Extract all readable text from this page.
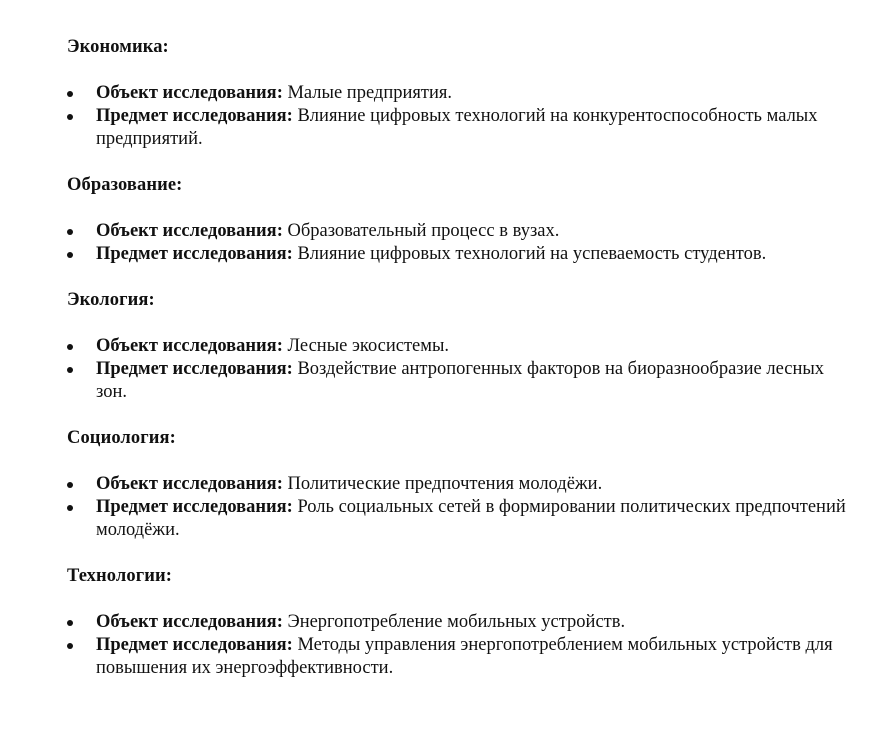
Экономика:
Объект исследования: Малые предприятия.
Предмет исследования: Влияние цифровых технологий на конкурентоспособность малых предприятий.
Образование:
Объект исследования: Образовательный процесс в вузах.
Предмет исследования: Влияние цифровых технологий на успеваемость студентов.
Экология:
Объект исследования: Лесные экосистемы.
Предмет исследования: Воздействие антропогенных факторов на биоразнообразие лесных зон.
Социология:
Объект исследования: Политические предпочтения молодёжи.
Предмет исследования: Роль социальных сетей в формировании политических предпочтений молодёжи.
Технологии:
Объект исследования: Энергопотребление мобильных устройств.
Предмет исследования: Методы управления энергопотреблением мобильных устройств для повышения их энергоэффективности.
